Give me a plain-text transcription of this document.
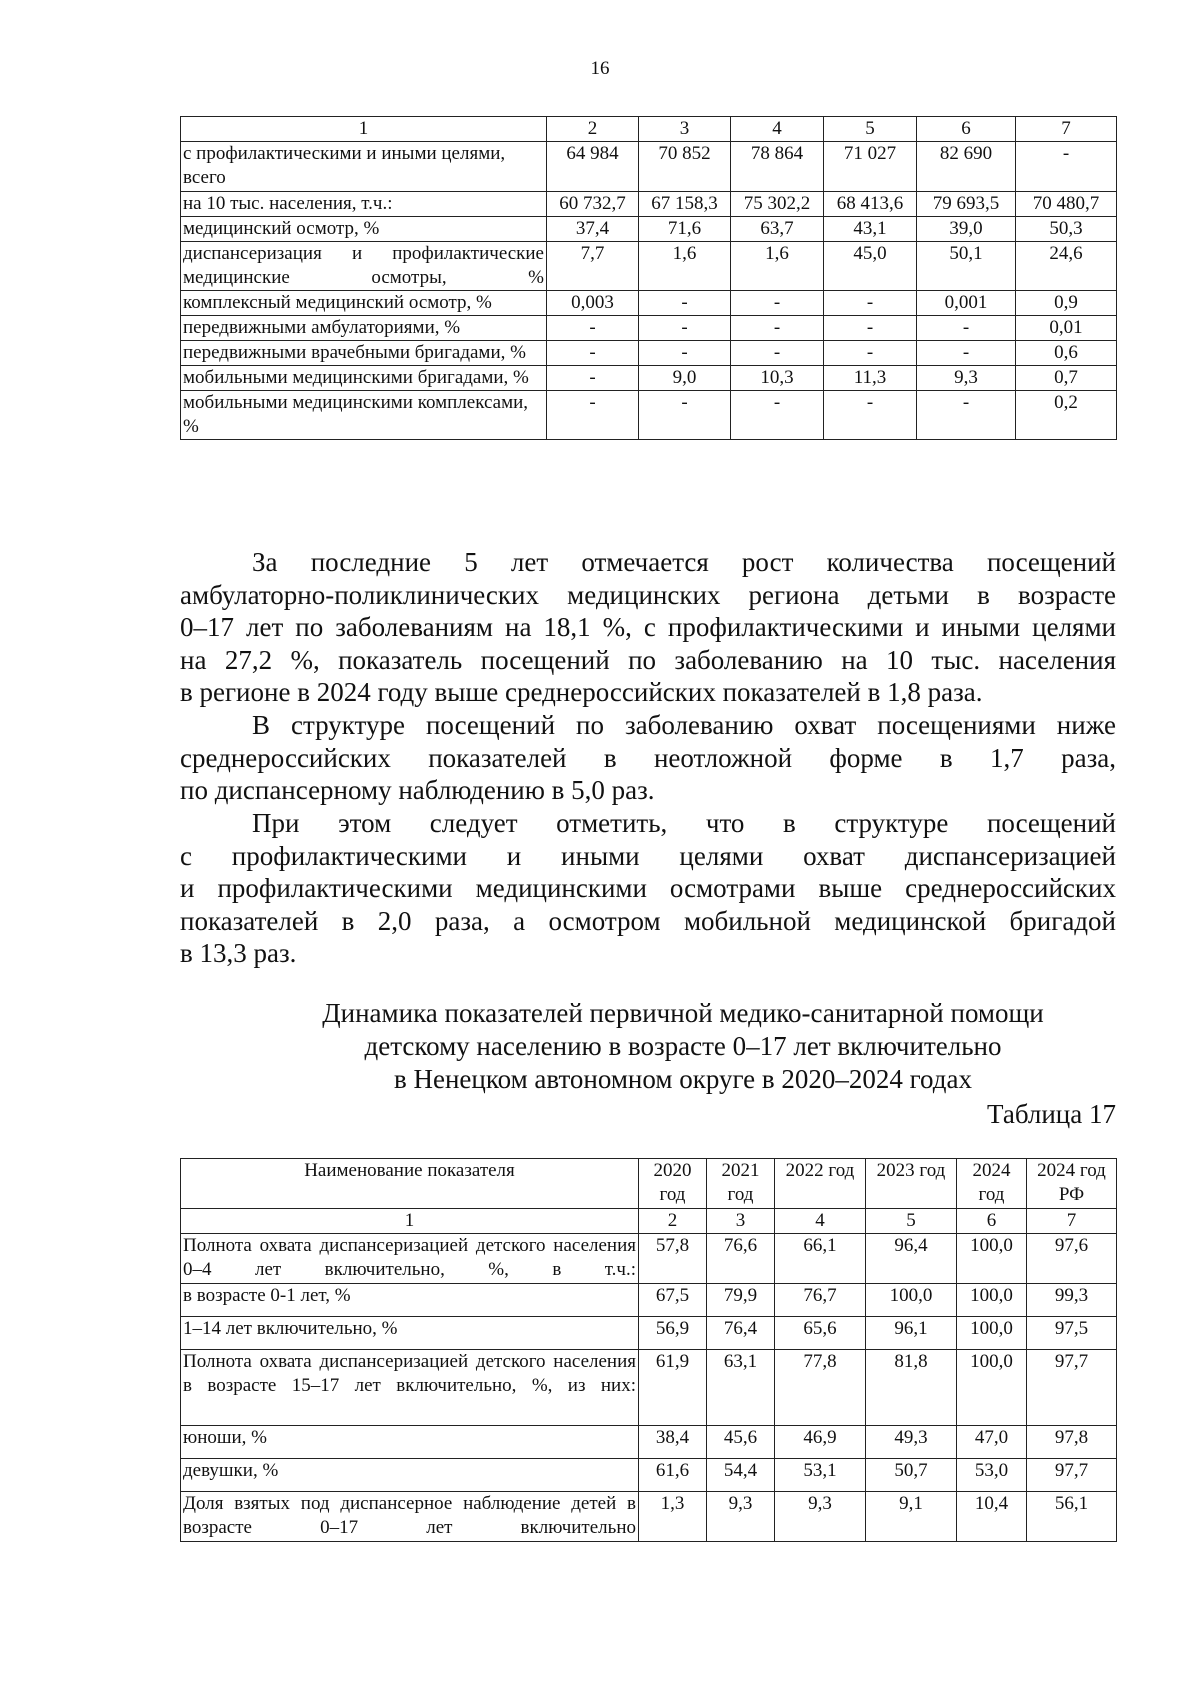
16
1	2	3	4	5	6	7
с профилактическими и иными целями, всего	64 984	70 852	78 864	71 027	82 690	-
на 10 тыс. населения, т.ч.:	60 732,7	67 158,3	75 302,2	68 413,6	79 693,5	70 480,7
медицинский осмотр, %	37,4	71,6	63,7	43,1	39,0	50,3
диспансеризация и профилактические медицинские осмотры, %	7,7	1,6	1,6	45,0	50,1	24,6
комплексный медицинский осмотр, %	0,003	-	-	-	0,001	0,9
передвижными амбулаториями, %	-	-	-	-	-	0,01
передвижными врачебными бригадами, %	-	-	-	-	-	0,6
мобильными медицинскими бригадами, %	-	9,0	10,3	11,3	9,3	0,7
мобильными медицинскими комплексами, %	-	-	-	-	-	0,2
За последние 5 лет отмечается рост количества посещений
амбулаторно-поликлинических медицинских региона детьми в возрасте
0–17 лет по заболеваниям на 18,1 %, с профилактическими и иными целями
на 27,2 %, показатель посещений по заболеванию на 10 тыс. населения
в регионе в 2024 году выше среднероссийских показателей в 1,8 раза.
В структуре посещений по заболеванию охват посещениями ниже
среднероссийских показателей в неотложной форме в 1,7 раза,
по диспансерному наблюдению в 5,0 раз.
При этом следует отметить, что в структуре посещений
с профилактическими и иными целями охват диспансеризацией
и профилактическими медицинскими осмотрами выше среднероссийских
показателей в 2,0 раза, а осмотром мобильной медицинской бригадой
в 13,3 раз.
Динамика показателей первичной медико-санитарной помощи
детскому населению в возрасте 0–17 лет включительно
в Ненецком автономном округе в 2020–2024 годах
Таблица 17
Наименование показателя	2020 год	2021 год	2022 год	2023 год	2024 год	2024 год РФ
1	2	3	4	5	6	7
Полнота охвата диспансеризацией детского населения 0–4 лет включительно, %, в т.ч.:	57,8	76,6	66,1	96,4	100,0	97,6
в возрасте 0-1 лет, %	67,5	79,9	76,7	100,0	100,0	99,3
1–14 лет включительно, %	56,9	76,4	65,6	96,1	100,0	97,5
Полнота охвата диспансеризацией детского населения в возрасте 15–17 лет включительно, %, из них:	61,9	63,1	77,8	81,8	100,0	97,7
юноши, %	38,4	45,6	46,9	49,3	47,0	97,8
девушки, %	61,6	54,4	53,1	50,7	53,0	97,7
Доля взятых под диспансерное наблюдение детей в возрасте 0–17 лет включительно	1,3	9,3	9,3	9,1	10,4	56,1
